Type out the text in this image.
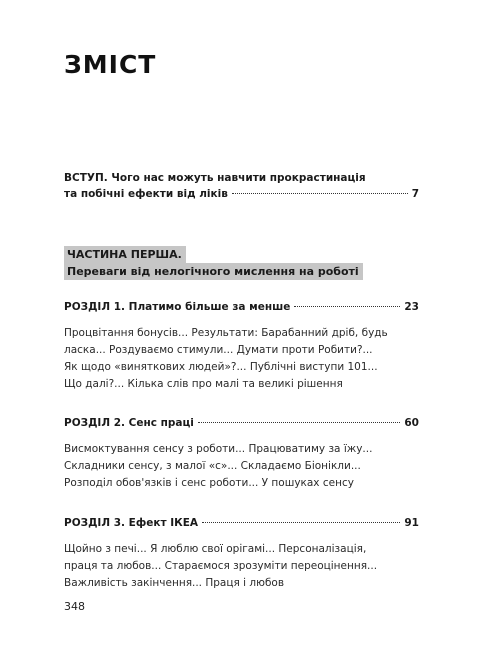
ЗМІСТ
ВСТУП. Чого нас можуть навчити прокрастинація
та побічні ефекти від ліків	7
ЧАСТИНА ПЕРША.
Переваги від нелогічного мислення на роботі
РОЗДІЛ 1. Платимо більше за менше	23
Процвітання бонусів... Результати: Барабанний дріб, будь
ласка... Роздуваємо стимули... Думати проти Робити?...
Як щодо «виняткових людей»?... Публічні виступи 101...
Що далі?... Кілька слів про малі та великі рішення
РОЗДІЛ 2. Сенс праці	60
Висмоктування сенсу з роботи... Працюватиму за їжу...
Складники сенсу, з малої «с»... Складаємо Біонікли...
Розподіл обов'язків і сенс роботи... У пошуках сенсу
РОЗДІЛ 3. Ефект ІКЕА	91
Щойно з печі... Я люблю свої орігамі... Персоналізація,
праця та любов... Стараємося зрозуміти переоцінення...
Важливість закінчення... Праця і любов
348
